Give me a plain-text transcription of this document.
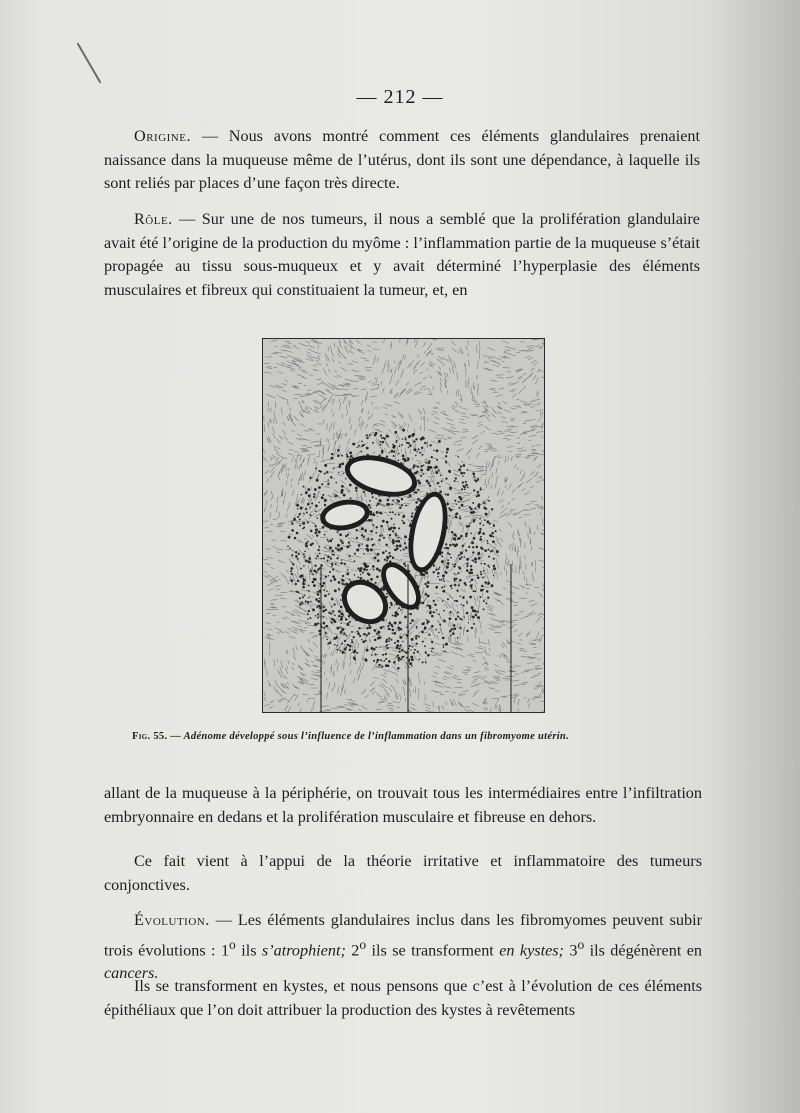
— 212 —

Origine. — Nous avons montré comment ces éléments glandulaires prenaient naissance dans la muqueuse même de l’utérus, dont ils sont une dépendance, à laquelle ils sont reliés par places d’une façon très directe.

Rôle. — Sur une de nos tumeurs, il nous a semblé que la prolifération glandulaire avait été l’origine de la production du myôme : l’inflammation partie de la muqueuse s’était propagée au tissu sous-muqueux et y avait déterminé l’hyperplasie des éléments musculaires et fibreux qui constituaient la tumeur, et, en

Fig. 55. — Adénome développé sous l’influence de l’inflammation dans un fibromyome utérin.

allant de la muqueuse à la périphérie, on trouvait tous les intermédiaires entre l’infiltration embryonnaire en dedans et la prolifération musculaire et fibreuse en dehors.

Ce fait vient à l’appui de la théorie irritative et inflammatoire des tumeurs conjonctives.

Évolution. — Les éléments glandulaires inclus dans les fibromyomes peuvent subir trois évolutions : 1$^o$ ils s’atrophient; 2$^o$ ils se transforment en kystes; 3$^o$ ils dégénèrent en cancers.

Ils se transforment en kystes, et nous pensons que c’est à l’évolution de ces éléments épithéliaux que l’on doit attribuer la production des kystes à revêtements
